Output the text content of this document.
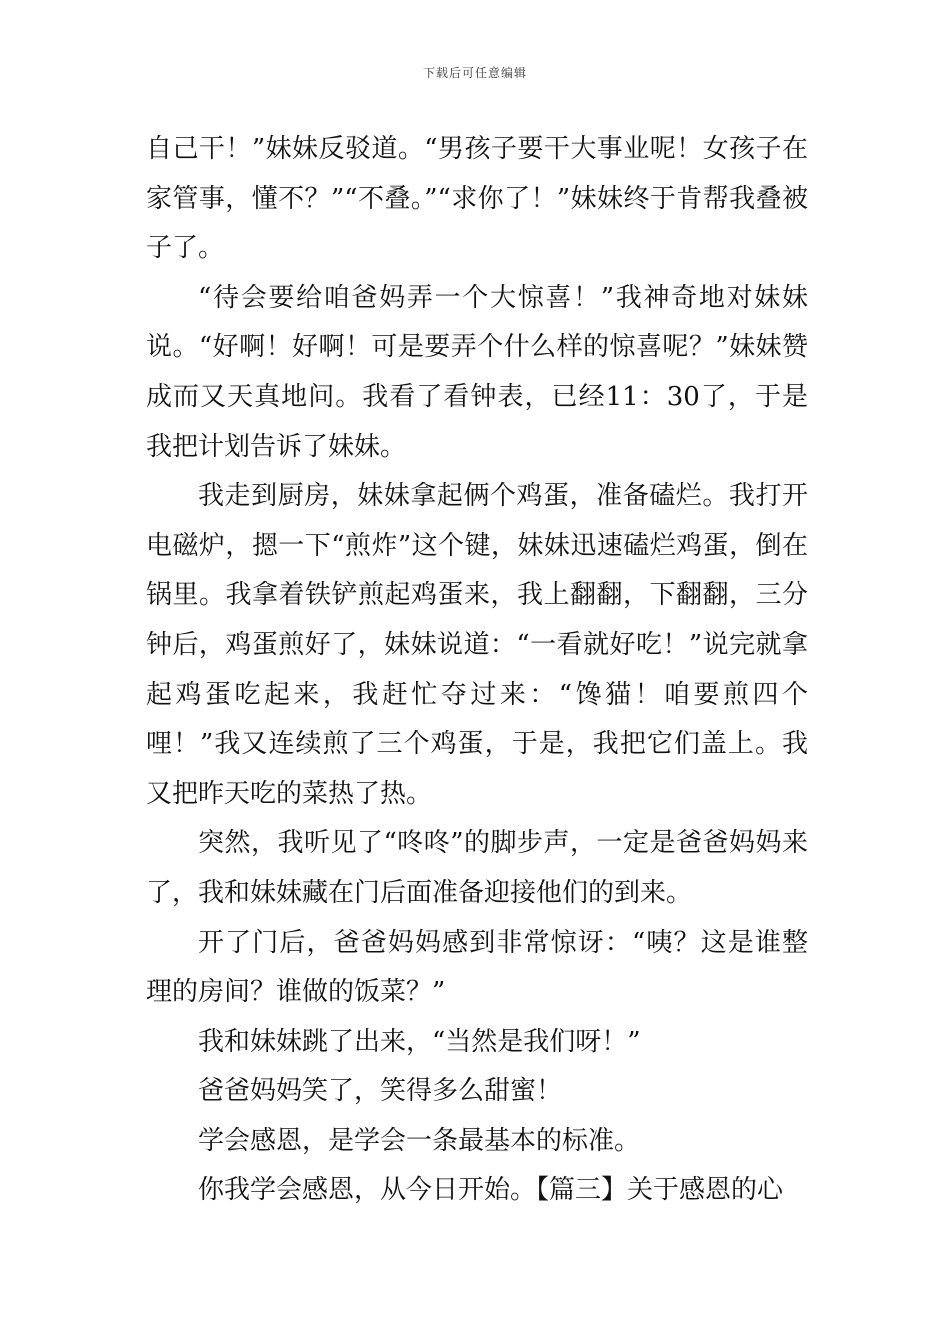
下载后可任意编辑

自己干！”妹妹反驳道。“男孩子要干大事业呢！女孩子在家管事，懂不？”“不叠。”“求你了！”妹妹终于肯帮我叠被子了。

“待会要给咱爸妈弄一个大惊喜！”我神奇地对妹妹说。“好啊！好啊！可是要弄个什么样的惊喜呢？”妹妹赞成而又天真地问。我看了看钟表，已经11：30了，于是我把计划告诉了妹妹。

我走到厨房，妹妹拿起俩个鸡蛋，准备磕烂。我打开电磁炉，摁一下“煎炸”这个键，妹妹迅速磕烂鸡蛋，倒在锅里。我拿着铁铲煎起鸡蛋来，我上翻翻，下翻翻，三分钟后，鸡蛋煎好了，妹妹说道：“一看就好吃！”说完就拿起鸡蛋吃起来，我赶忙夺过来：“馋猫！咱要煎四个哩！”我又连续煎了三个鸡蛋，于是，我把它们盖上。我又把昨天吃的菜热了热。

突然，我听见了“咚咚”的脚步声，一定是爸爸妈妈来了，我和妹妹藏在门后面准备迎接他们的到来。

开了门后，爸爸妈妈感到非常惊讶：“咦？这是谁整理的房间？谁做的饭菜？”

我和妹妹跳了出来，“当然是我们呀！”

爸爸妈妈笑了，笑得多么甜蜜！

学会感恩，是学会一条最基本的标准。

你我学会感恩，从今日开始。【篇三】关于感恩的心
